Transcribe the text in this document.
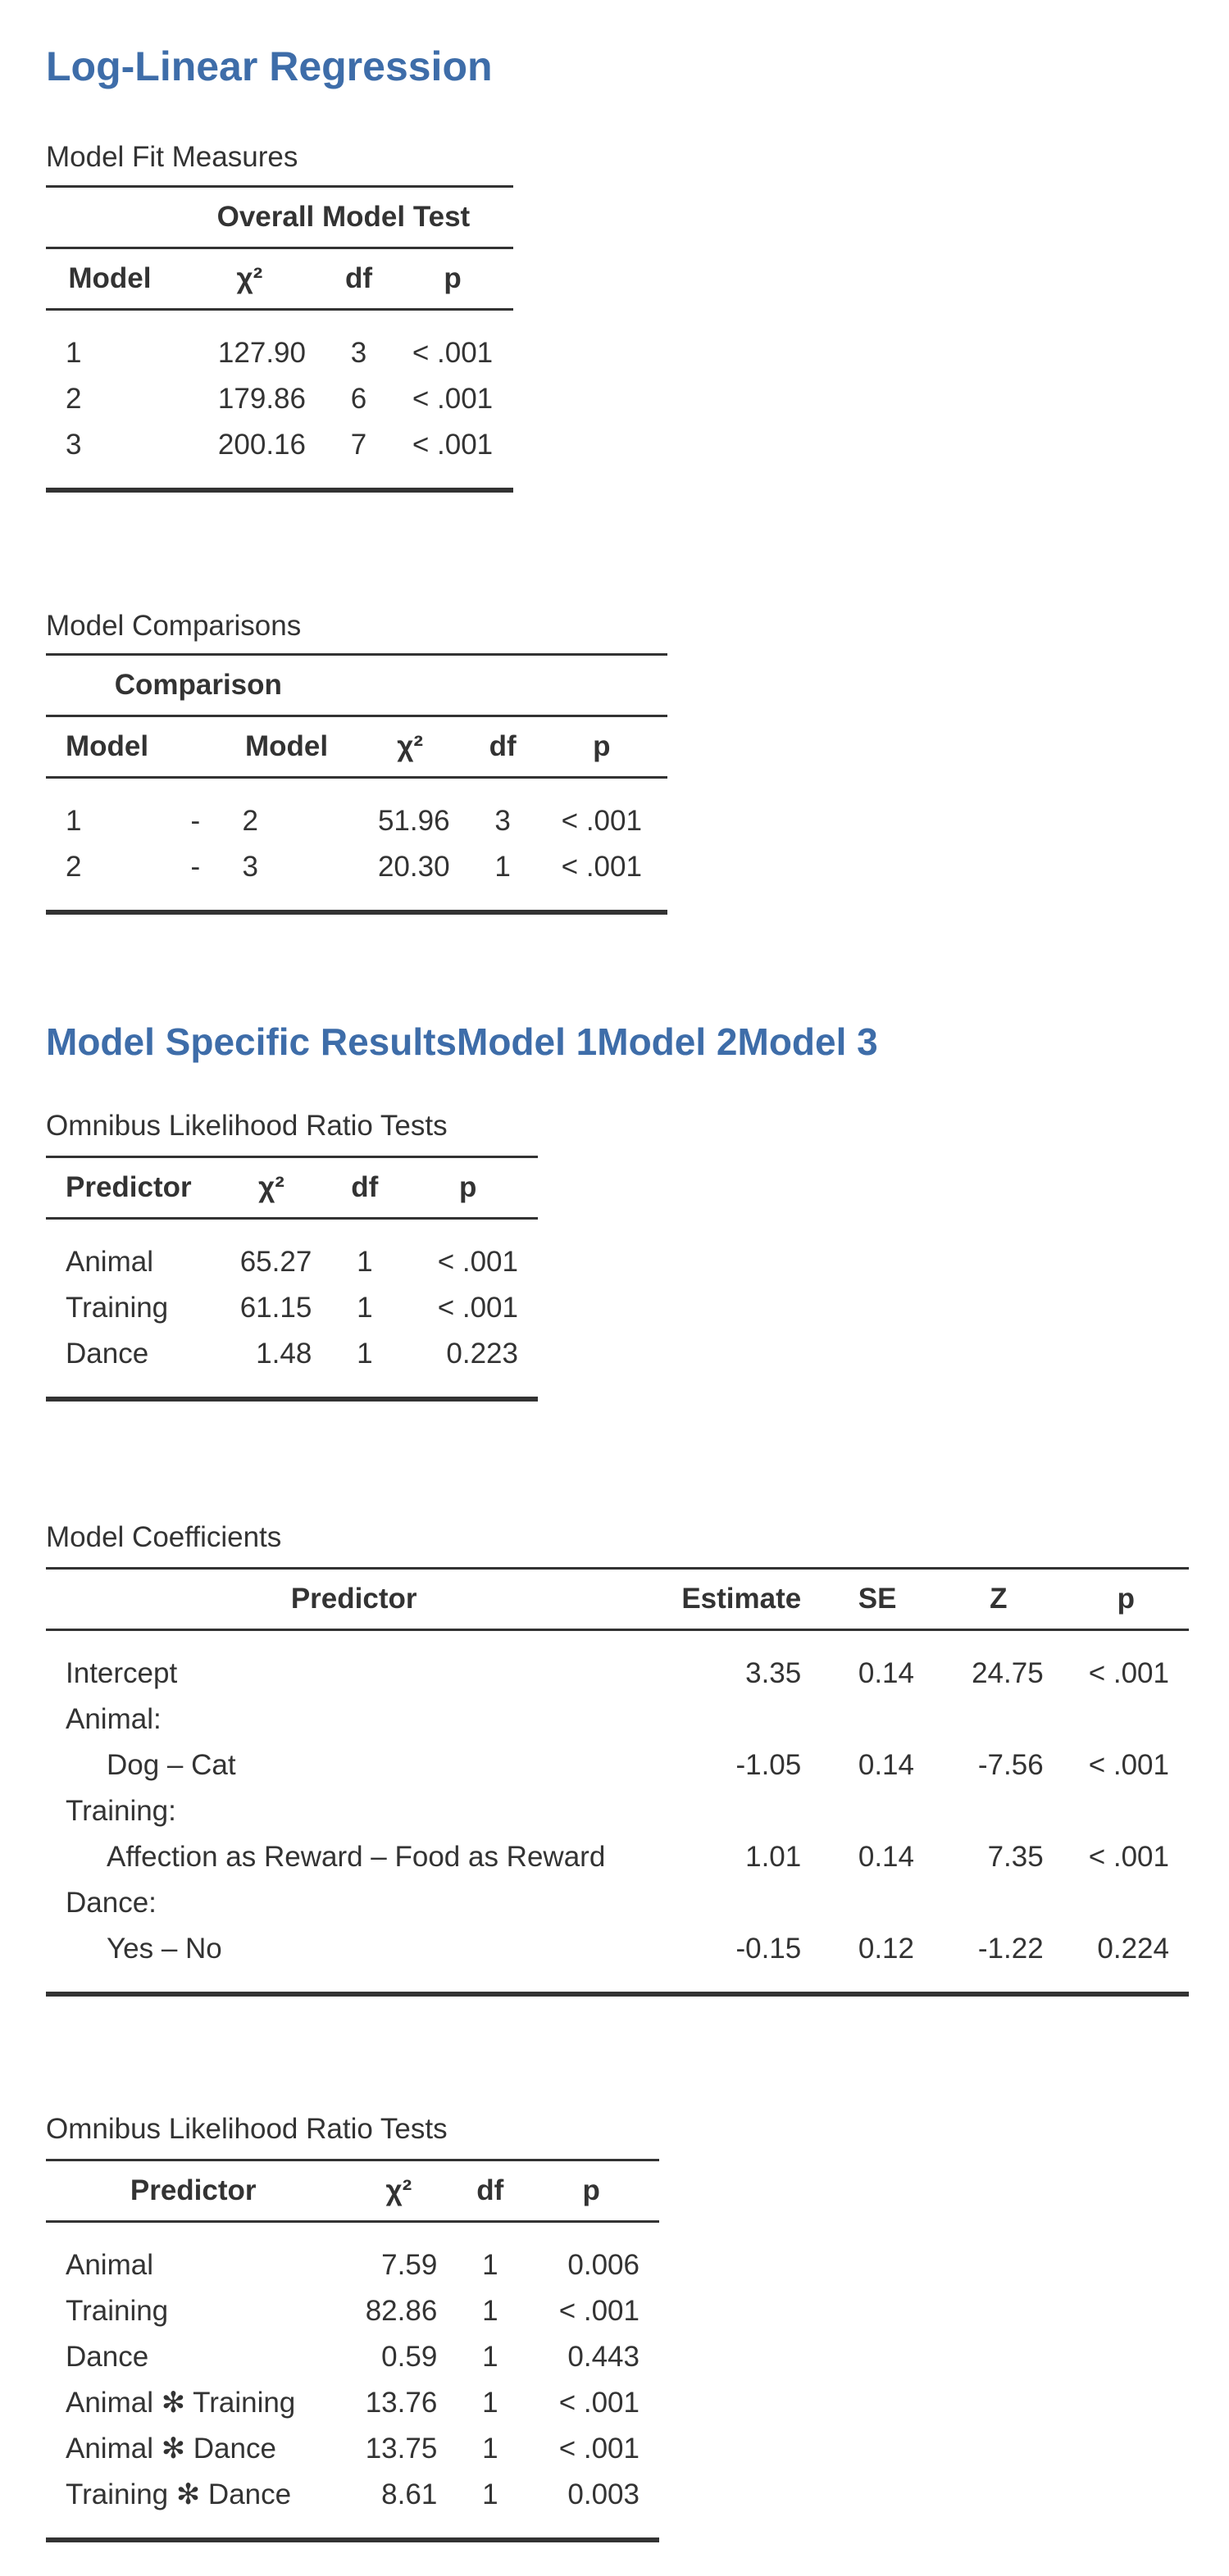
Log-Linear Regression
Model Fit Measures
	Overall Model Test		
Model	χ²	df	p
1	127.90	3	< .001
2	179.86	6	< .001
3	200.16	7	< .001
Model Comparisons
Comparison					
Model		Model	χ²	df	p
1	-	2	51.96	3	< .001
2	-	3	20.30	1	< .001
Model Specific ResultsModel 1Model 2Model 3
Omnibus Likelihood Ratio Tests
Predictor	χ²	df	p
Animal	65.27	1	< .001
Training	61.15	1	< .001
Dance	1.48	1	0.223
Model Coefficients
Predictor	Estimate	SE	Z	p
Intercept	3.35	0.14	24.75	< .001
Animal:				
Dog – Cat	-1.05	0.14	-7.56	< .001
Training:				
Affection as Reward – Food as Reward	1.01	0.14	7.35	< .001
Dance:				
Yes – No	-0.15	0.12	-1.22	0.224
Omnibus Likelihood Ratio Tests
Predictor	χ²	df	p
Animal	7.59	1	0.006
Training	82.86	1	< .001
Dance	0.59	1	0.443
Animal ✻ Training	13.76	1	< .001
Animal ✻ Dance	13.75	1	< .001
Training ✻ Dance	8.61	1	0.003
